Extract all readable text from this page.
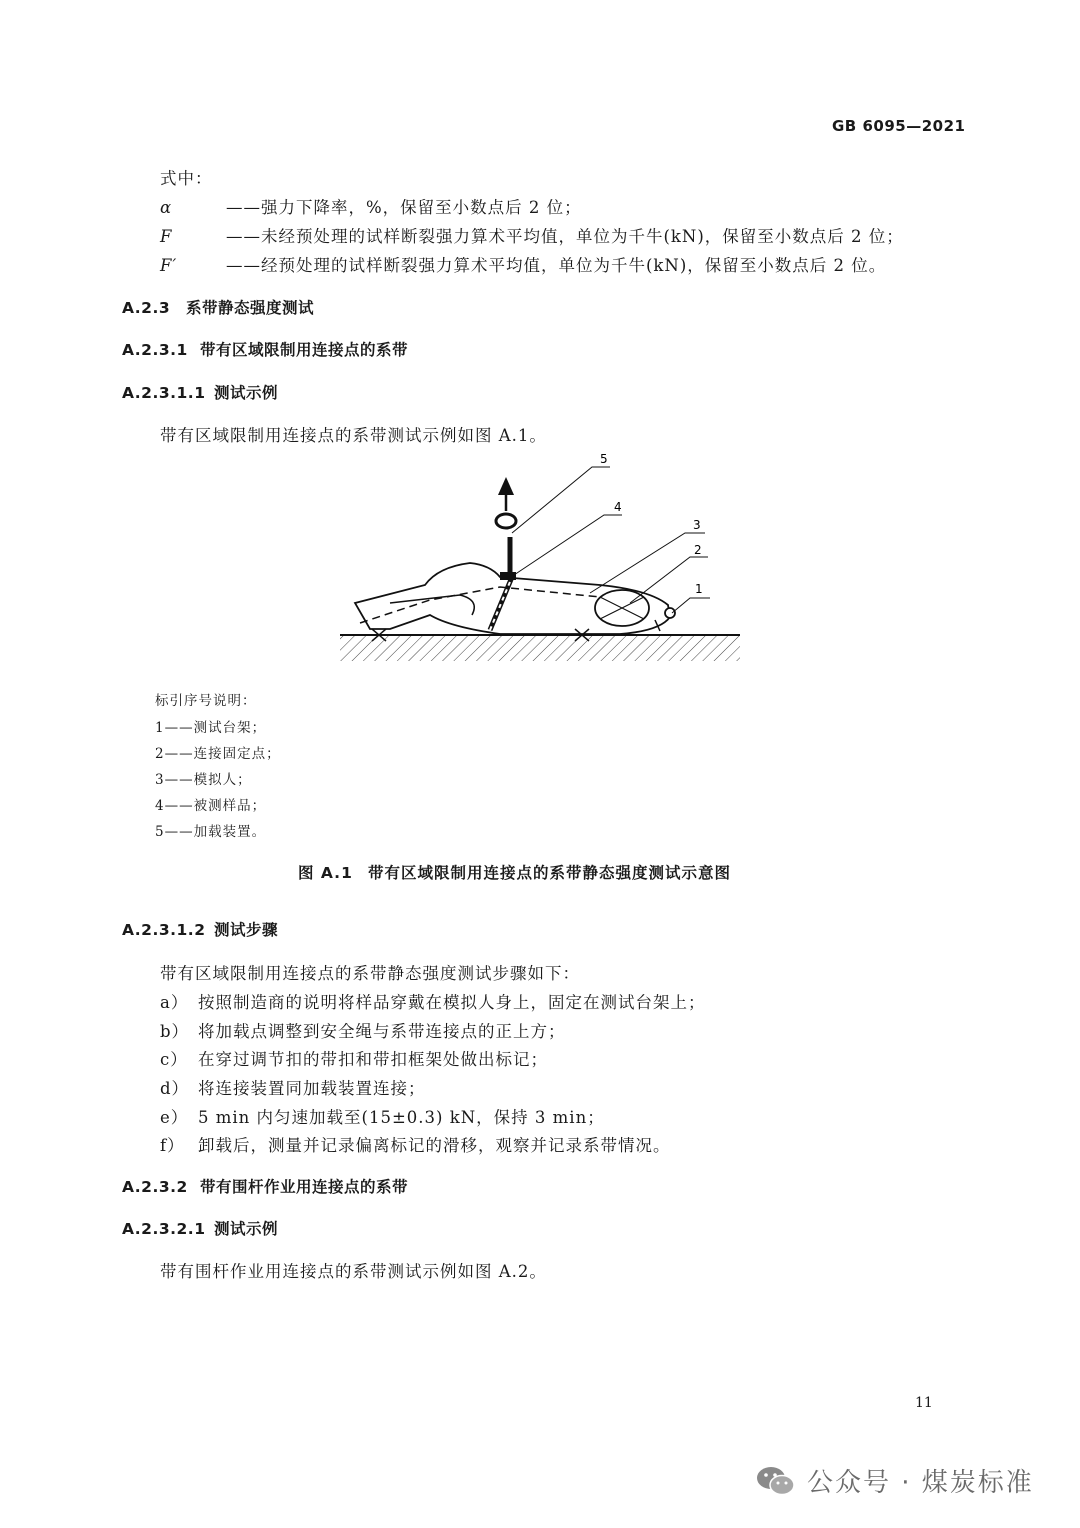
GB 6095—2021
式中：
α	——强力下降率，%，保留至小数点后 2 位；
F	——未经预处理的试样断裂强力算术平均值，单位为千牛(kN)，保留至小数点后 2 位；
F′	——经预处理的试样断裂强力算术平均值，单位为千牛(kN)，保留至小数点后 2 位。
A.2.3 系带静态强度测试
A.2.3.1 带有区域限制用连接点的系带
A.2.3.1.1 测试示例
带有区域限制用连接点的系带测试示例如图 A.1。
5
4
3
2
1
标引序号说明：
1——测试台架；
2——连接固定点；
3——模拟人；
4——被测样品；
5——加载装置。
图 A.1 带有区域限制用连接点的系带静态强度测试示意图
A.2.3.1.2 测试步骤
带有区域限制用连接点的系带静态强度测试步骤如下：
a） 按照制造商的说明将样品穿戴在模拟人身上，固定在测试台架上；
b） 将加载点调整到安全绳与系带连接点的正上方；
c） 在穿过调节扣的带扣和带扣框架处做出标记；
d） 将连接装置同加载装置连接；
e） 5 min 内匀速加载至(15±0.3) kN，保持 3 min；
f） 卸载后，测量并记录偏离标记的滑移，观察并记录系带情况。
A.2.3.2 带有围杆作业用连接点的系带
A.2.3.2.1 测试示例
带有围杆作业用连接点的系带测试示例如图 A.2。
11
公众号 · 煤炭标准
